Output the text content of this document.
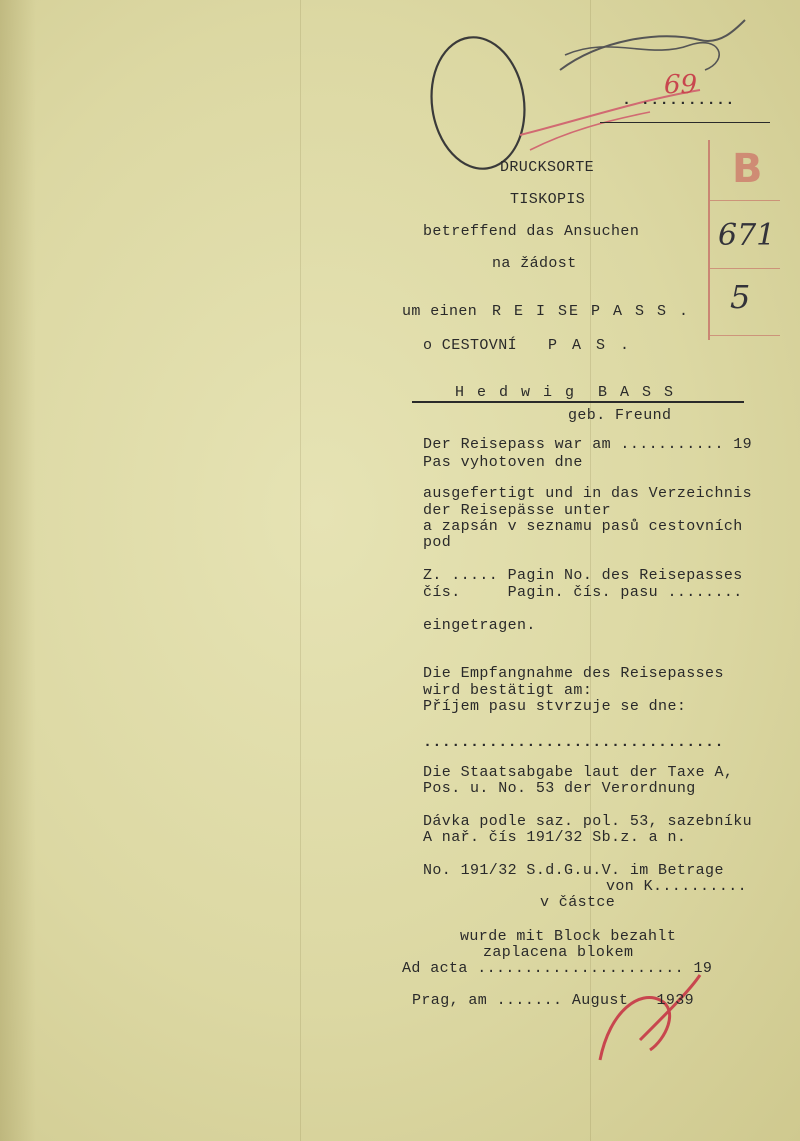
69
B
671
5
. ..........
DRUCKSORTE
TISKOPIS
betreffend das Ansuchen
na žádost
um einen R E I SE P A S S .
o CESTOVNÍ P A S .
H e d w i g  B A S S
geb. Freund
Der Reisepass war am ........... 19
Pas vyhotoven dne
ausgefertigt und in das Verzeichnis
der Reisepässe unter
a zapsán v seznamu pasů cestovních
pod
Z. ..... Pagin No. des Reisepasses
čís.     Pagin. čís. pasu ........
eingetragen.
Die Empfangnahme des Reisepasses
wird bestätigt am:
Příjem pasu stvrzuje se dne:
................................
Die Staatsabgabe laut der Taxe A,
Pos. u. No. 53 der Verordnung
Dávka podle saz. pol. 53, sazebníku
A nař. čís 191/32 Sb.z. a n.
No. 191/32 S.d.G.u.V. im Betrage
von K..........
v částce
wurde mit Block bezahlt
zaplacena blokem
Ad acta ...................... 19
Prag, am ....... August   1939
